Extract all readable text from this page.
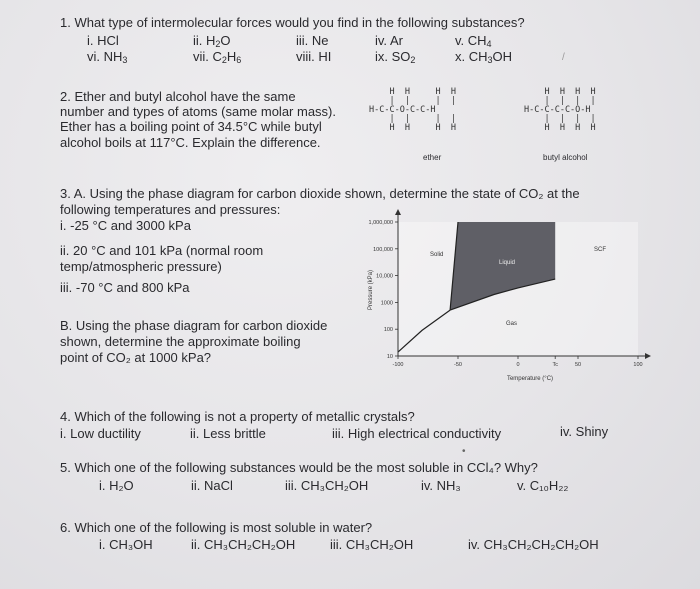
1. What type of intermolecular forces would you find in the following substances?
i. HCl	ii. $H_2O$	iii. Ne	iv. Ar	v. $CH_4$
vi. $NH_3$	vii. $C_2H_6$	viii. HI	ix. $SO_2$	x. $CH_3OH$	/
2. Ether and butyl alcohol have the same
number and types of atoms (same molar mass).
Ether has a boiling point of 34.5°C while butyl
alcohol boils at 117°C. Explain the difference.
H  H     H  H
|  |     |  |
H-C-C-O-C-C-H
|  |     |  |
H  H     H  H
ether
H  H  H  H
|  |  |  |
H-C-C-C-C-O-H
|  |  |  |
H  H  H  H
butyl alcohol
3. A. Using the phase diagram for carbon dioxide shown, determine the state of CO₂ at the
following temperatures and pressures:
i. -25 °C and 3000 kPa
ii. 20 °C and 101 kPa (normal room
temp/atmospheric pressure)
iii. -70 °C and 800 kPa
B. Using the phase diagram for carbon dioxide
shown, determine the approximate boiling
point of CO₂ at 1000 kPa?
1,000,000
100,000
10,000
1000
100
10
-100	-50	0	Tc	50	100
Pressure (kPa)
Temperature (°C)
Solid
Liquid
Gas
SCF
4. Which of the following is not a property of metallic crystals?
i. Low ductility	ii. Less brittle	iii. High electrical conductivity	iv. Shiny
•
5. Which one of the following substances would be the most soluble in CCl₄? Why?
i. H₂O	ii. NaCl	iii. CH₃CH₂OH	iv. NH₃	v. C₁₀H₂₂
6. Which one of the following is most soluble in water?
i. CH₃OH	ii. CH₃CH₂CH₂OH	iii. CH₃CH₂OH	iv. CH₃CH₂CH₂CH₂OH
